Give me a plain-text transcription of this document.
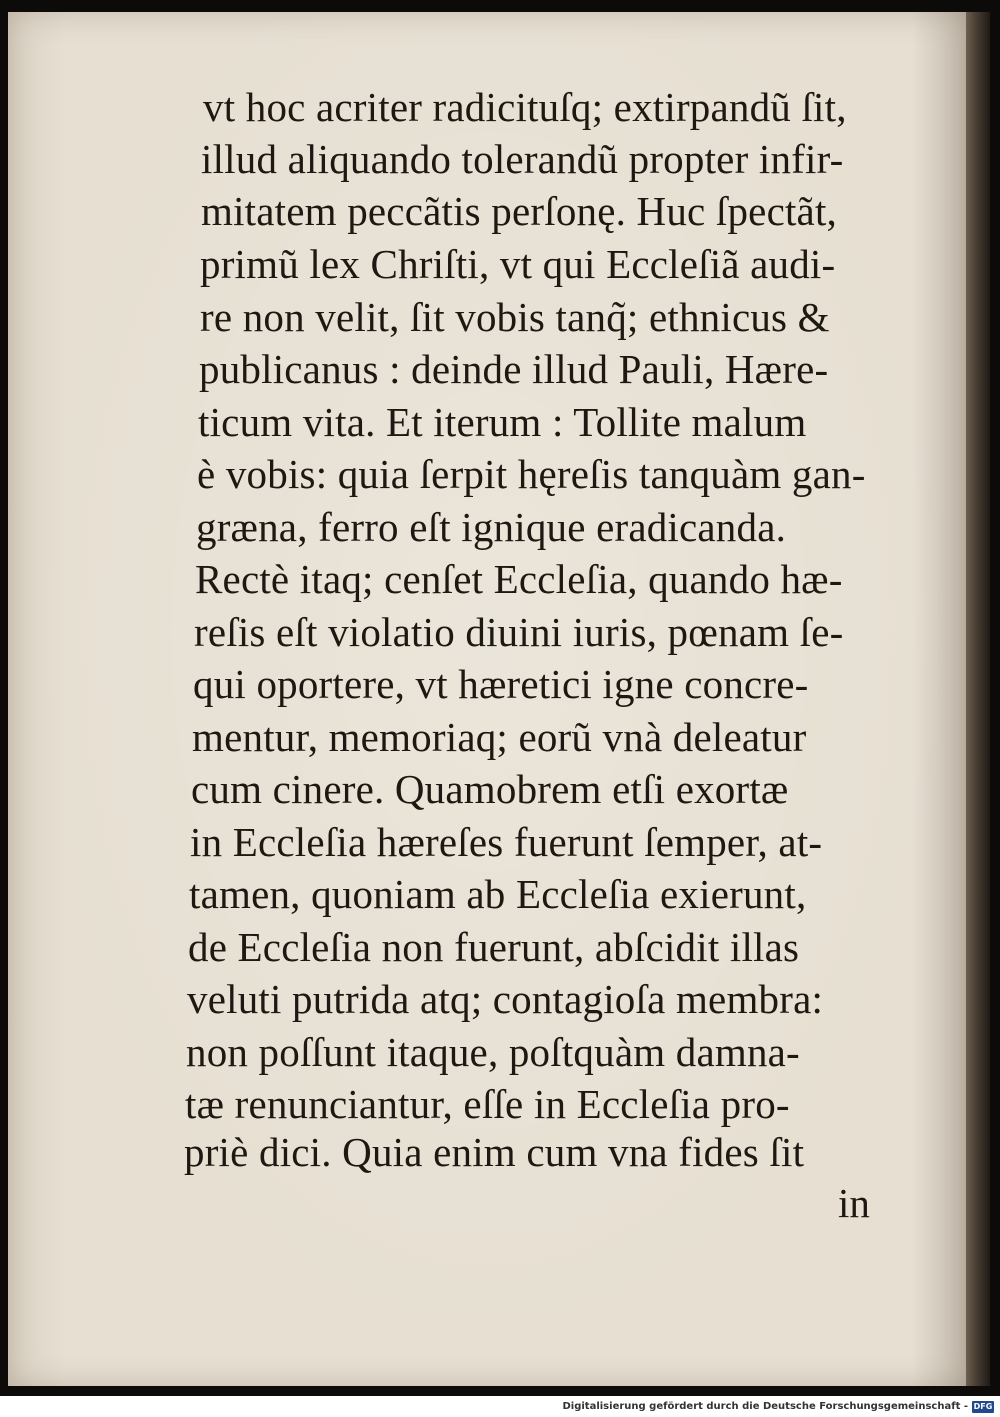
vt hoc acriter radicituſq; extirpandũ ſit,

illud aliquando tolerandũ propter infir-

mitatem peccãtis perſonę. Huc ſpectãt,

primũ lex Chriſti, vt qui Eccleſiã audi-

re non velit, ſit vobis tanq̃; ethnicus &

publicanus : deinde illud Pauli, Hære-

ticum vita. Et iterum : Tollite malum

è vobis: quia ſerpit hęreſis tanquàm gan-

græna, ferro eſt ignique eradicanda.

Rectè itaq; cenſet Eccleſia, quando hæ-

reſis eſt violatio diuini iuris, pœnam ſe-

qui oportere, vt hæretici igne concre-

mentur, memoriaq; eorũ vnà deleatur

cum cinere. Quamobrem etſi exortæ

in Eccleſia hæreſes fuerunt ſemper, at-

tamen, quoniam ab Eccleſia exierunt,

de Eccleſia non fuerunt, abſcidit illas

veluti putrida atq; contagioſa membra:

non poſſunt itaque, poſtquàm damna-

tæ renunciantur, eſſe in Eccleſia pro-

priè dici. Quia enim cum vna fides ſit

in

Digitalisierung gefördert durch die Deutsche Forschungsgemeinschaft - DFG
